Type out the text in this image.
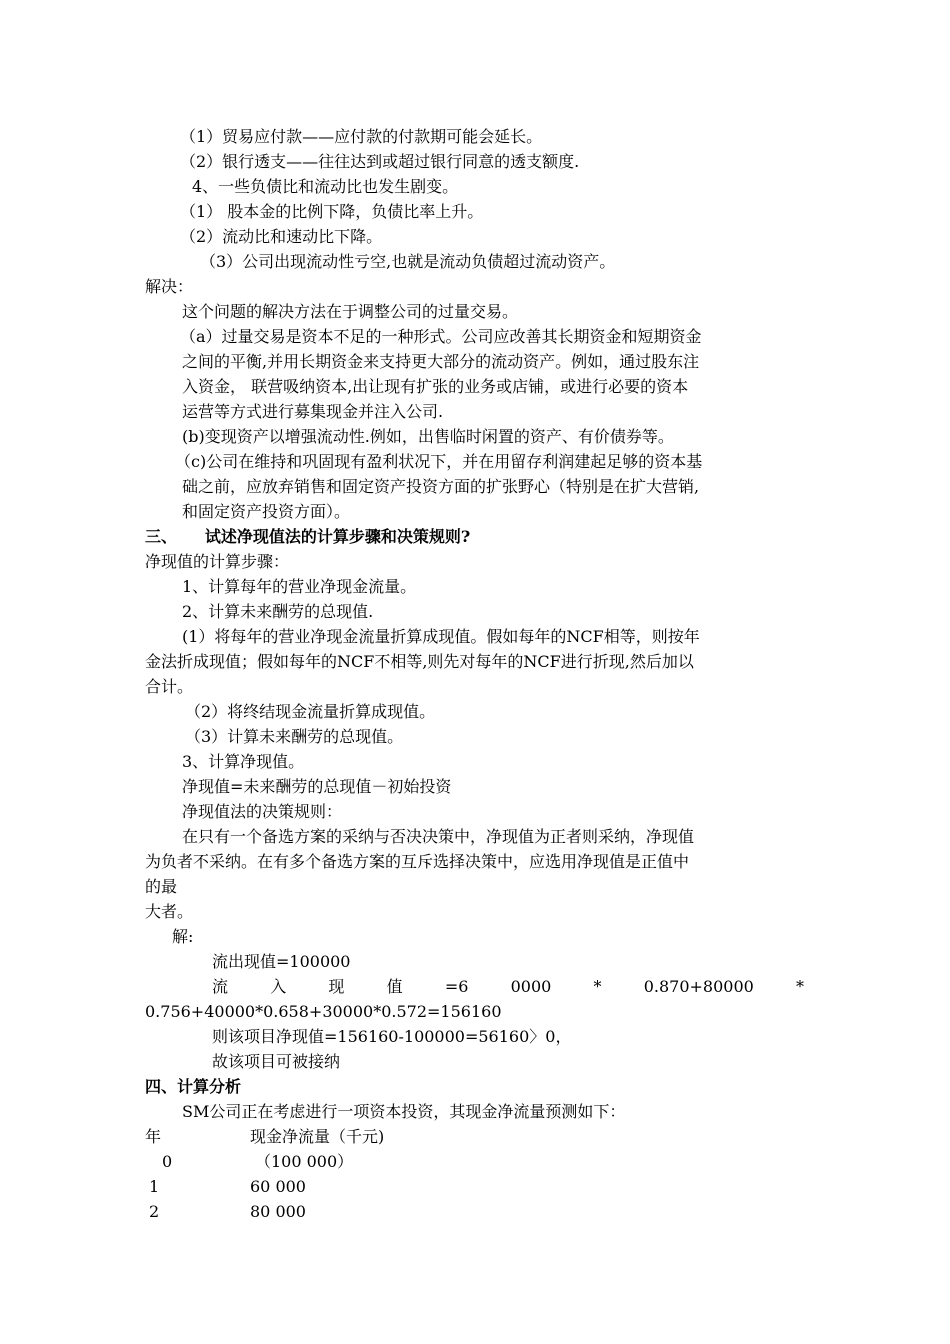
（1）贸易应付款——应付款的付款期可能会延长。
（2）银行透支——往往达到或超过银行同意的透支额度.
4、一些负债比和流动比也发生剧变。
（1） 股本金的比例下降，负债比率上升。
（2）流动比和速动比下降。
（3）公司出现流动性亏空,也就是流动负债超过流动资产。
解决：
这个问题的解决方法在于调整公司的过量交易。
（a）过量交易是资本不足的一种形式。公司应改善其长期资金和短期资金
之间的平衡,并用长期资金来支持更大部分的流动资产。例如，通过股东注
入资金， 联营吸纳资本,出让现有扩张的业务或店铺，或进行必要的资本
运营等方式进行募集现金并注入公司.
(b)变现资产以增强流动性.例如，出售临时闲置的资产、有价债券等。
（c)公司在维持和巩固现有盈利状况下，并在用留存利润建起足够的资本基
础之前，应放弃销售和固定资产投资方面的扩张野心（特别是在扩大营销,
和固定资产投资方面）。
三、     试述净现值法的计算步骤和决策规则?
净现值的计算步骤：
1、计算每年的营业净现金流量。
2、计算未来酬劳的总现值.
(1）将每年的营业净现金流量折算成现值。假如每年的NCF相等，则按年
金法折成现值；假如每年的NCF不相等,则先对每年的NCF进行折现,然后加以
合计。
（2）将终结现金流量折算成现值。
（3）计算未来酬劳的总现值。
3、计算净现值。
净现值=未来酬劳的总现值－初始投资
净现值法的决策规则：
在只有一个备选方案的采纳与否决决策中，净现值为正者则采纳，净现值
为负者不采纳。在有多个备选方案的互斥选择决策中，应选用净现值是正值中
的最
大者。
解:
流出现值=100000
流	入	现	值	=6	0000	*	0.870+80000	*
0.756+40000*0.658+30000*0.572=156160
则该项目净现值=156160-100000=56160〉0，
故该项目可被接纳
四、计算分析
SM公司正在考虑进行一项资本投资，其现金净流量预测如下：
年	现金净流量（千元)
0	（100 000）
1	60 000
2	80 000
